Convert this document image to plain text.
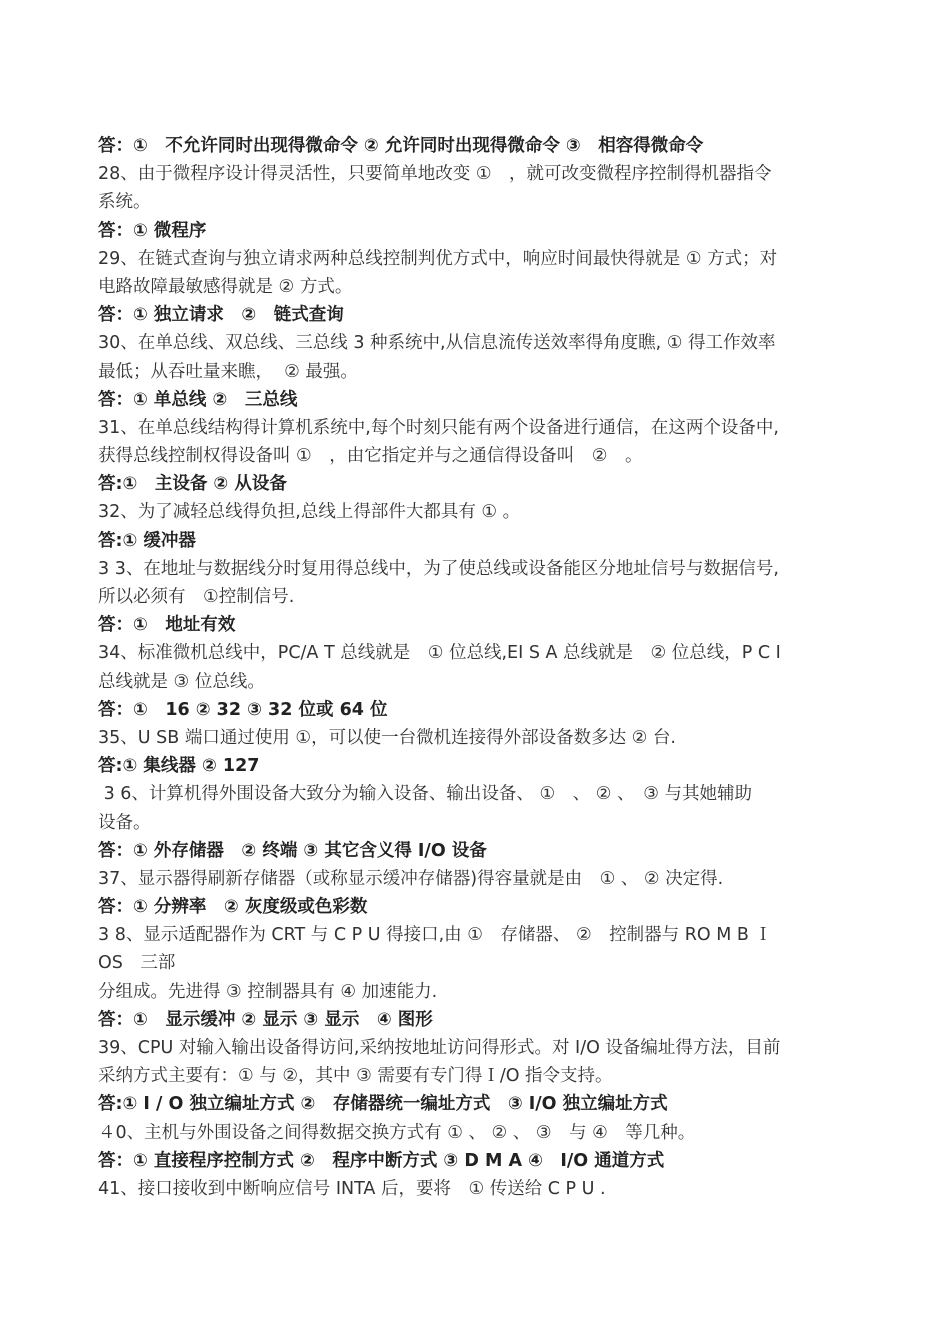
答：①　不允许同时出现得微命令 ② 允许同时出现得微命令 ③　相容得微命令
28、由于微程序设计得灵活性，只要简单地改变 ①　，就可改变微程序控制得机器指令
系统。
答：① 微程序
29、在链式查询与独立请求两种总线控制判优方式中，响应时间最快得就是 ① 方式；对
电路故障最敏感得就是 ② 方式。
答：① 独立请求　②　链式查询
30、在单总线、双总线、三总线 3 种系统中,从信息流传送效率得角度瞧, ① 得工作效率
最低；从吞吐量来瞧，  ② 最强。
答：① 单总线 ②　三总线
31、在单总线结构得计算机系统中,每个时刻只能有两个设备进行通信，在这两个设备中,
获得总线控制权得设备叫 ①　，由它指定并与之通信得设备叫　②　。
答:①　主设备 ② 从设备
32、为了减轻总线得负担,总线上得部件大都具有 ① 。
答:① 缓冲器
3 3、在地址与数据线分时复用得总线中，为了使总线或设备能区分地址信号与数据信号,
所以必须有　①控制信号.
答：①　地址有效
34、标准微机总线中，PC/A T 总线就是　① 位总线,EI S A 总线就是　② 位总线，P C I
总线就是 ③ 位总线。
答：①　16 ② 32 ③ 32 位或 64 位
35、U SB 端口通过使用 ①，可以使一台微机连接得外部设备数多达 ② 台.
答:① 集线器 ② 127
3 6、计算机得外围设备大致分为输入设备、输出设备、 ①　、 ② 、　③ 与其她辅助
设备。
答：① 外存储器　② 终端 ③ 其它含义得 I/O 设备
37、显示器得刷新存储器（或称显示缓冲存储器)得容量就是由　① 、 ② 决定得.
答：① 分辨率　② 灰度级或色彩数
3 8、显示适配器作为 CRT 与 C P U 得接口,由 ①　存储器、 ②　控制器与 RO M B Ｉ
OS　三部
分组成。先进得 ③ 控制器具有 ④ 加速能力.
答：①　显示缓冲 ② 显示 ③ 显示　④ 图形
39、CPU 对输入输出设备得访问,采纳按地址访问得形式。对 I/O 设备编址得方法，目前
采纳方式主要有：① 与 ②，其中 ③ 需要有专门得Ｉ/O 指令支持。
答:① I / O 独立编址方式 ②　存储器统一编址方式　③ I/O 独立编址方式
４0、主机与外围设备之间得数据交换方式有 ① 、 ② 、 ③　与 ④　等几种。
答：① 直接程序控制方式 ②　程序中断方式 ③ D M A ④　I/O 通道方式
41、接口接收到中断响应信号 INTA 后，要将　① 传送给 C P U .
